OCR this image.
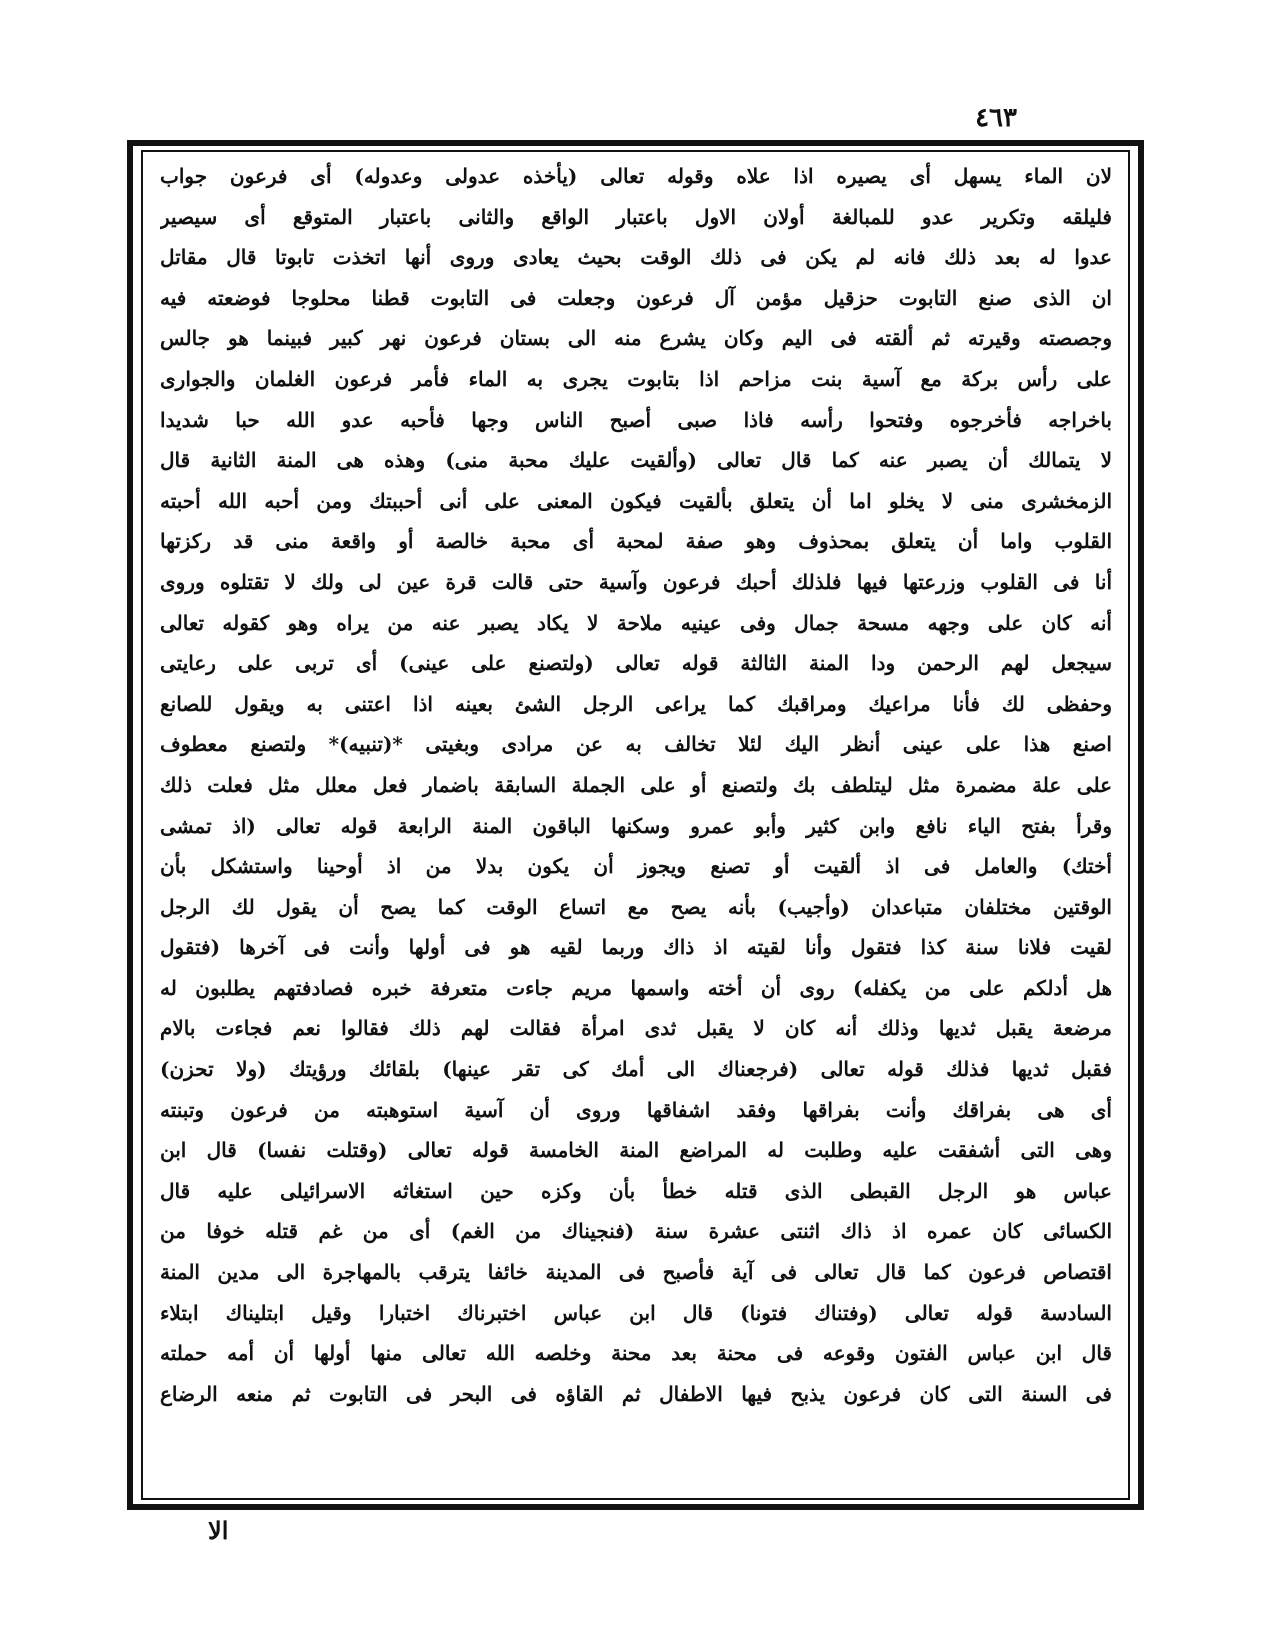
٤٦٣
لان الماء يسهل أى يصيره اذا علاه وقوله تعالى (يأخذه عدولى وعدوله) أى فرعون جواب
فليلقه وتكرير عدو للمبالغة أولان الاول باعتبار الواقع والثانى باعتبار المتوقع أى سيصير
عدوا له بعد ذلك فانه لم يكن فى ذلك الوقت بحيث يعادى وروى أنها اتخذت تابوتا قال مقاتل
ان الذى صنع التابوت حزقيل مؤمن آل فرعون وجعلت فى التابوت قطنا محلوجا فوضعته فيه
وجصصته وقيرته ثم ألقته فى اليم وكان يشرع منه الى بستان فرعون نهر كبير فبينما هو جالس
على رأس بركة مع آسية بنت مزاحم اذا بتابوت يجرى به الماء فأمر فرعون الغلمان والجوارى
باخراجه فأخرجوه وفتحوا رأسه فاذا صبى أصبح الناس وجها فأحبه عدو الله حبا شديدا
لا يتمالك أن يصبر عنه كما قال تعالى (وألقيت عليك محبة منى) وهذه هى المنة الثانية قال
الزمخشرى منى لا يخلو اما أن يتعلق بألقيت فيكون المعنى على أنى أحببتك ومن أحبه الله أحبته
القلوب واما أن يتعلق بمحذوف وهو صفة لمحبة أى محبة خالصة أو واقعة منى قد ركزتها
أنا فى القلوب وزرعتها فيها فلذلك أحبك فرعون وآسية حتى قالت قرة عين لى ولك لا تقتلوه وروى
أنه كان على وجهه مسحة جمال وفى عينيه ملاحة لا يكاد يصبر عنه من يراه وهو كقوله تعالى
سيجعل لهم الرحمن ودا المنة الثالثة قوله تعالى (ولتصنع على عينى) أى تربى على رعايتى
وحفظى لك فأنا مراعيك ومراقبك كما يراعى الرجل الشئ بعينه اذا اعتنى به ويقول للصانع
اصنع هذا على عينى أنظر اليك لئلا تخالف به عن مرادى وبغيتى *(تنبيه)* ولتصنع معطوف
على علة مضمرة مثل ليتلطف بك ولتصنع أو على الجملة السابقة باضمار فعل معلل مثل فعلت ذلك
وقرأ بفتح الياء نافع وابن كثير وأبو عمرو وسكنها الباقون المنة الرابعة قوله تعالى (اذ تمشى
أختك) والعامل فى اذ ألقيت أو تصنع ويجوز أن يكون بدلا من اذ أوحينا واستشكل بأن
الوقتين مختلفان متباعدان (وأجيب) بأنه يصح مع اتساع الوقت كما يصح أن يقول لك الرجل
لقيت فلانا سنة كذا فتقول وأنا لقيته اذ ذاك وربما لقيه هو فى أولها وأنت فى آخرها (فتقول
هل أدلكم على من يكفله) روى أن أخته واسمها مريم جاءت متعرفة خبره فصادفتهم يطلبون له
مرضعة يقبل ثديها وذلك أنه كان لا يقبل ثدى امرأة فقالت لهم ذلك فقالوا نعم فجاءت بالام
فقبل ثديها فذلك قوله تعالى (فرجعناك الى أمك كى تقر عينها) بلقائك ورؤيتك (ولا تحزن)
أى هى بفراقك وأنت بفراقها وفقد اشفاقها وروى أن آسية استوهبته من فرعون وتبنته
وهى التى أشفقت عليه وطلبت له المراضع المنة الخامسة قوله تعالى (وقتلت نفسا) قال ابن
عباس هو الرجل القبطى الذى قتله خطأ بأن وكزه حين استغاثه الاسرائيلى عليه قال
الكسائى كان عمره اذ ذاك اثنتى عشرة سنة (فنجيناك من الغم) أى من غم قتله خوفا من
اقتصاص فرعون كما قال تعالى فى آية فأصبح فى المدينة خائفا يترقب بالمهاجرة الى مدين المنة
السادسة قوله تعالى (وفتناك فتونا) قال ابن عباس اختبرناك اختبارا وقيل ابتليناك ابتلاء
قال ابن عباس الفتون وقوعه فى محنة بعد محنة وخلصه الله تعالى منها أولها أن أمه حملته
فى السنة التى كان فرعون يذبح فيها الاطفال ثم القاؤه فى البحر فى التابوت ثم منعه الرضاع
الا
